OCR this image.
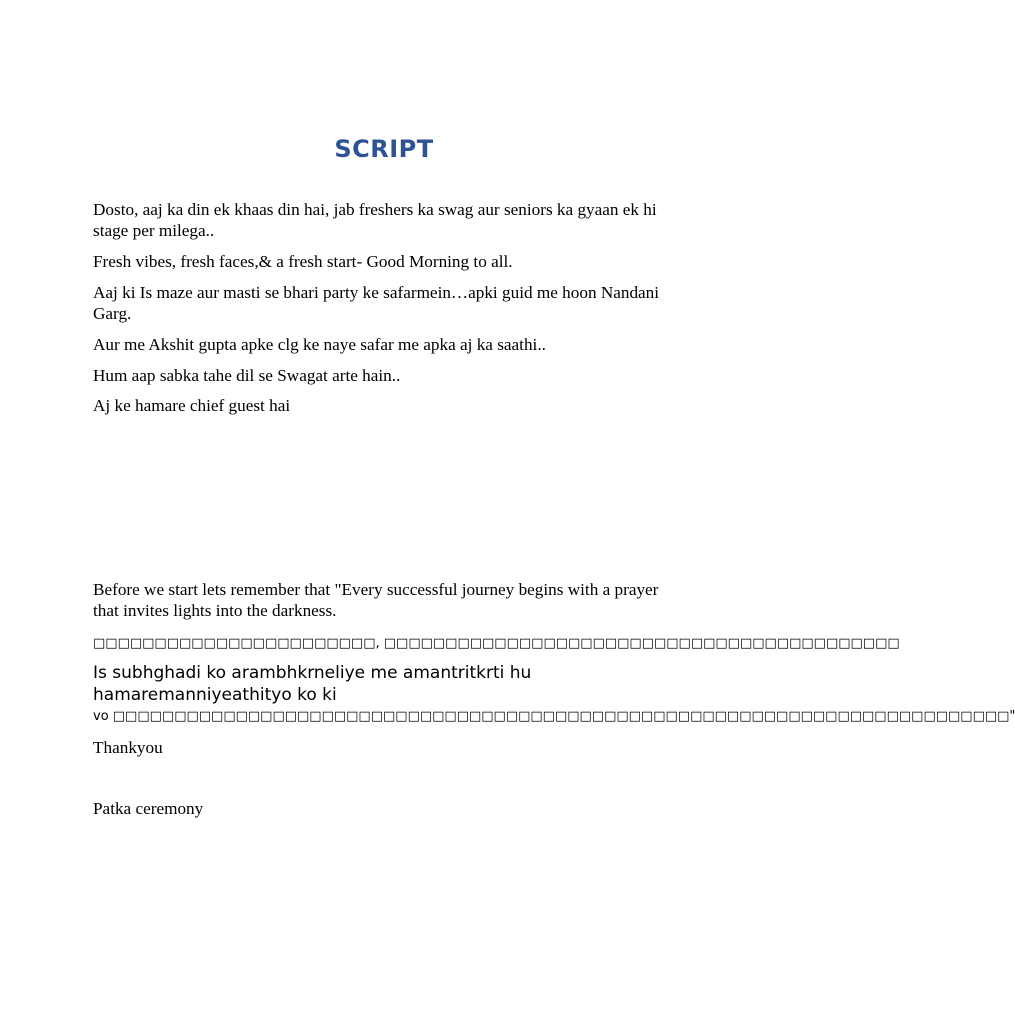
SCRIPT

Dosto, aaj ka din ek khaas din hai, jab freshers ka swag aur seniors ka gyaan ek hi stage per milega..

Fresh vibes, fresh faces,& a fresh start- Good Morning to all.

Aaj ki Is maze aur masti se bhari party ke safarmein…apki guid me hoon Nandani Garg.

Aur me Akshit gupta apke clg ke naye safar me apka aj ka saathi..

Hum aap sabka tahe dil se Swagat arte hain..

Aj ke hamare chief guest hai

Before we start lets remember that "Every successful journey begins with a prayer that invites lights into the darkness.

□□□□□□□□□□□□□□□□□□□□□□□, □□□□□□□□□□□□□□□□□□□□□□□□□□□□□□□□□□□□□□□□□□

Is subhghadi ko arambhkrneliye me amantritkrti hu hamaremanniyeathityo ko ki

vo □□□□□□□□□□□□□□□□□□□□□□□□□□□□□□□□□□□□□□□□□□□□□□□□□□□□□□□□□□□□□□□□□□□□□□□□□"

Thankyou

Patka ceremony
